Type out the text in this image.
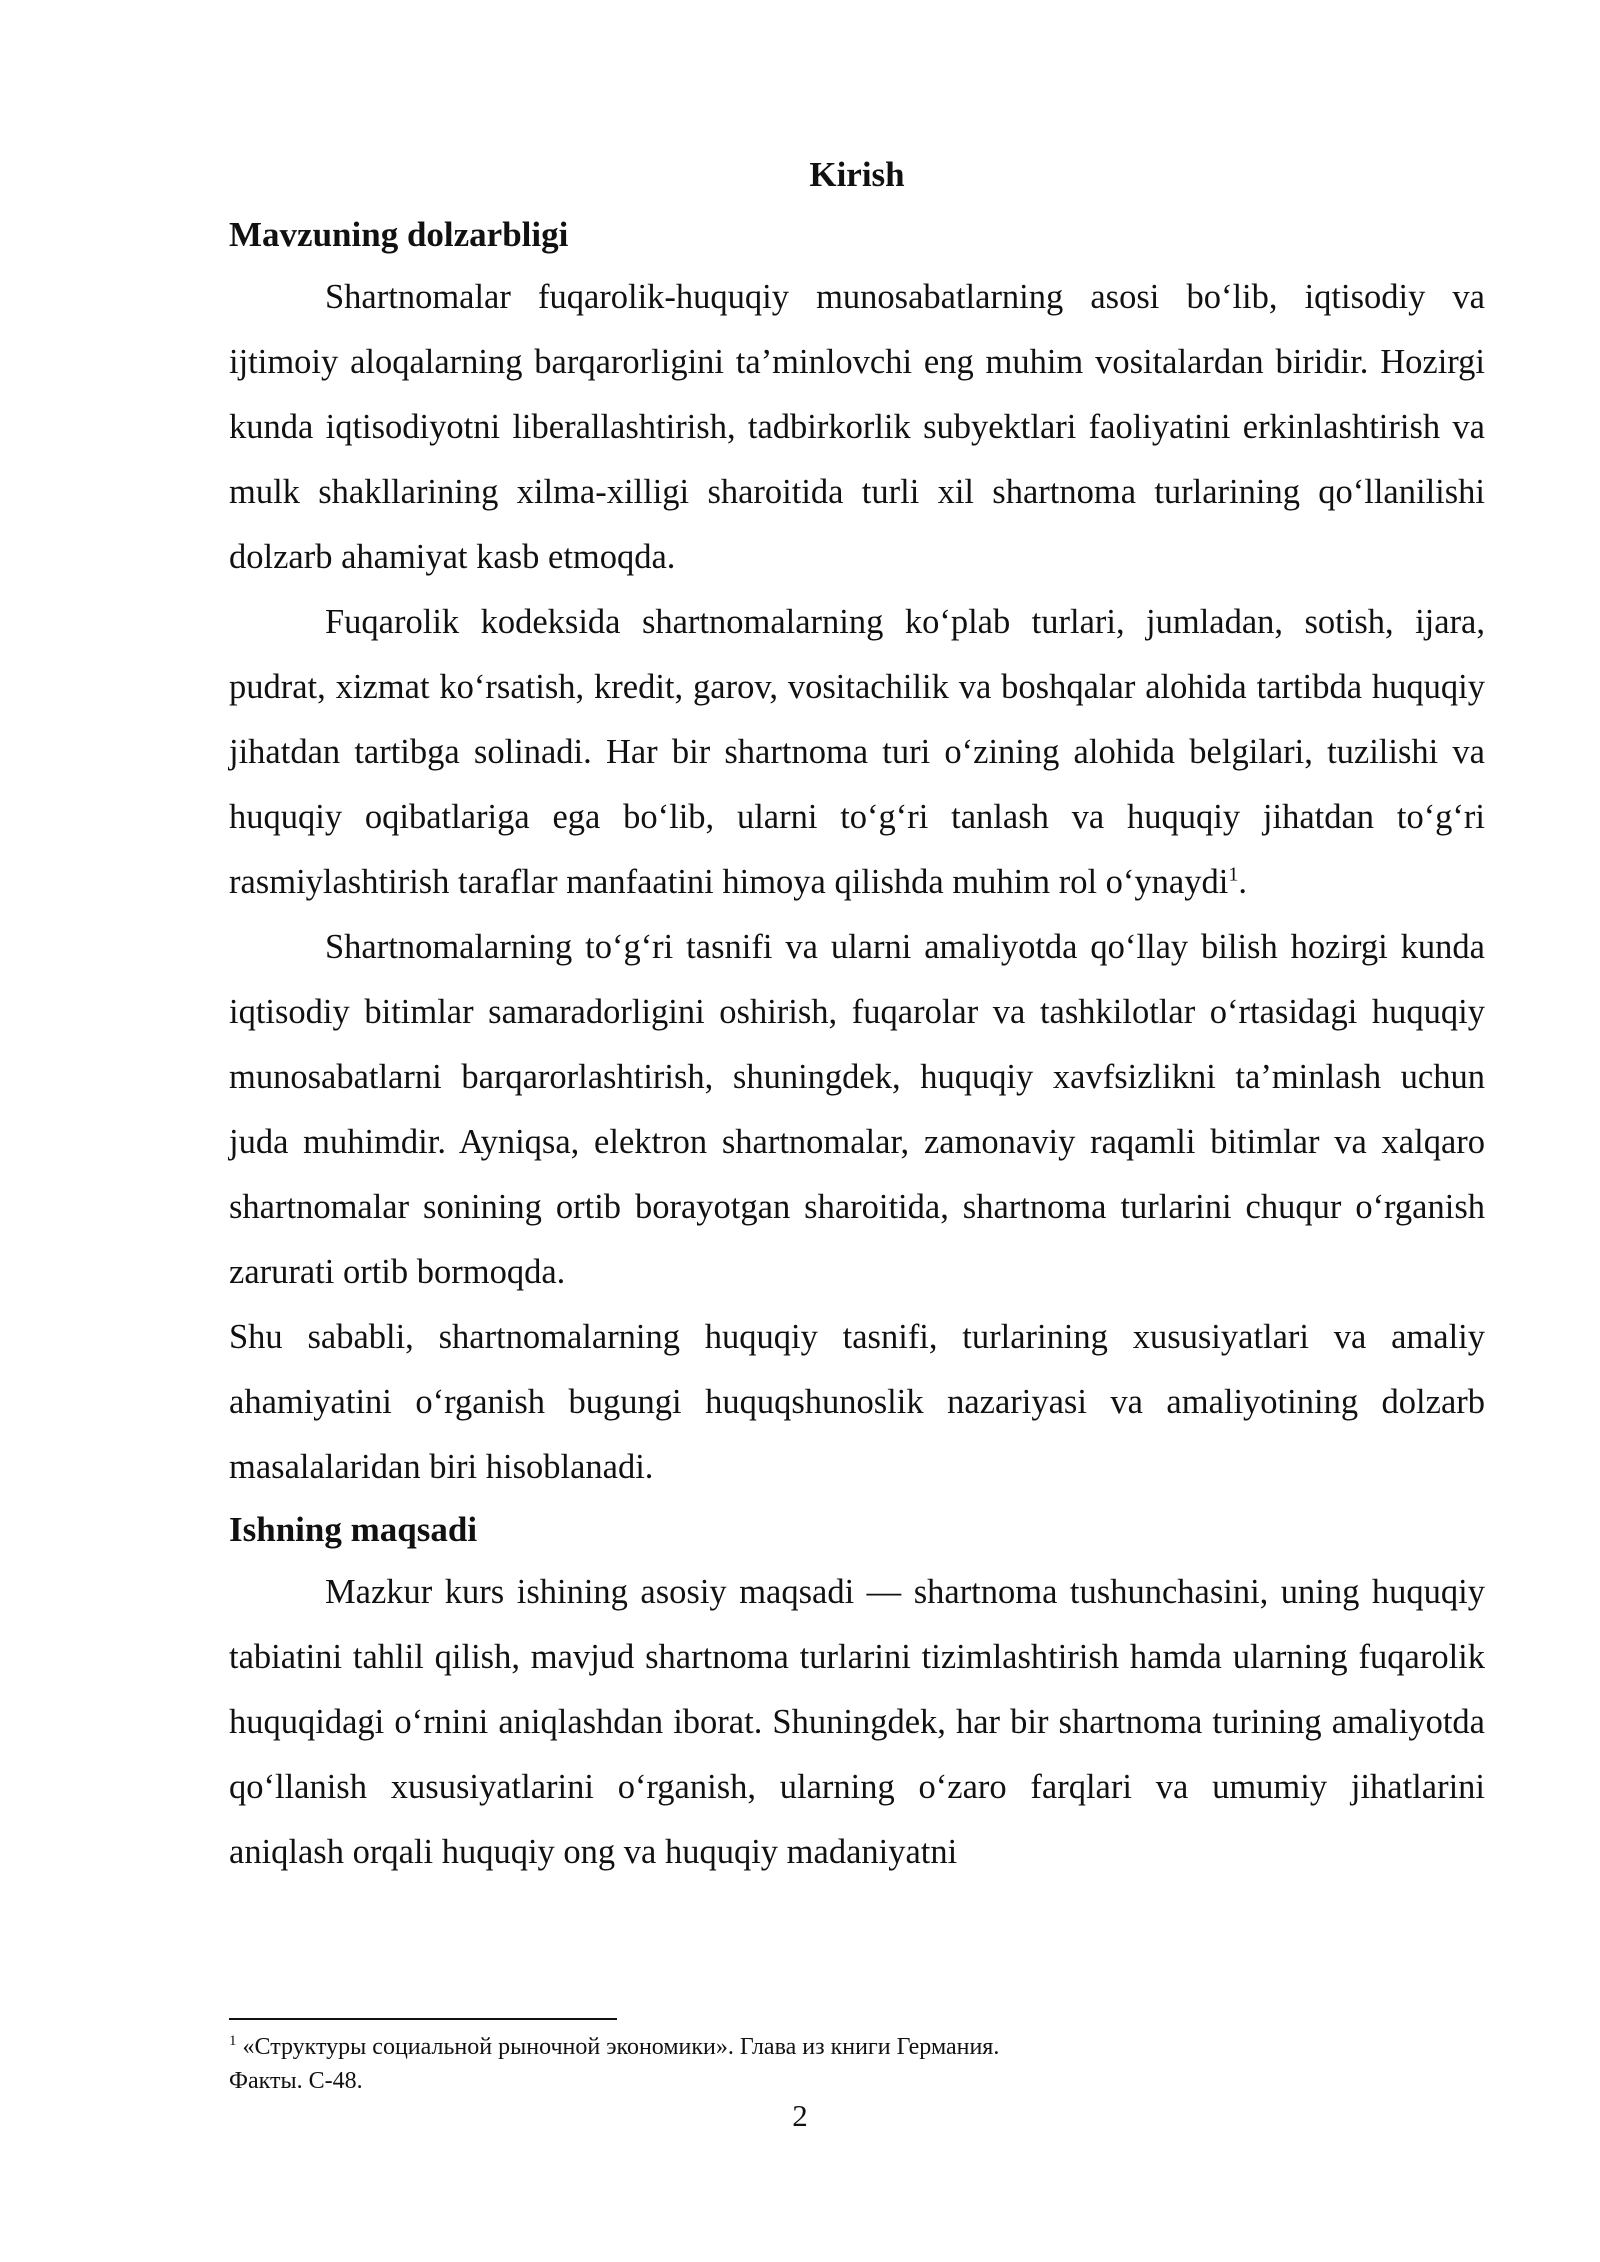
Kirish
Mavzuning dolzarbligi

Shartnomalar fuqarolik-huquqiy munosabatlarning asosi bo‘lib, iqtisodiy va ijtimoiy aloqalarning barqarorligini ta’minlovchi eng muhim vositalardan biridir. Hozirgi kunda iqtisodiyotni liberallashtirish, tadbirkorlik subyektlari faoliyatini erkinlashtirish va mulk shakllarining xilma-xilligi sharoitida turli xil shartnoma turlarining qo‘llanilishi dolzarb ahamiyat kasb etmoqda.

Fuqarolik kodeksida shartnomalarning ko‘plab turlari, jumladan, sotish, ijara, pudrat, xizmat ko‘rsatish, kredit, garov, vositachilik va boshqalar alohida tartibda huquqiy jihatdan tartibga solinadi. Har bir shartnoma turi o‘zining alohida belgilari, tuzilishi va huquqiy oqibatlariga ega bo‘lib, ularni to‘g‘ri tanlash va huquqiy jihatdan to‘g‘ri rasmiylashtirish taraflar manfaatini himoya qilishda muhim rol o‘ynaydi$^1$.

Shartnomalarning to‘g‘ri tasnifi va ularni amaliyotda qo‘llay bilish hozirgi kunda iqtisodiy bitimlar samaradorligini oshirish, fuqarolar va tashkilotlar o‘rtasidagi huquqiy munosabatlarni barqarorlashtirish, shuningdek, huquqiy xavfsizlikni ta’minlash uchun juda muhimdir. Ayniqsa, elektron shartnomalar, zamonaviy raqamli bitimlar va xalqaro shartnomalar sonining ortib borayotgan sharoitida, shartnoma turlarini chuqur o‘rganish zarurati ortib bormoqda.

Shu sababli, shartnomalarning huquqiy tasnifi, turlarining xususiyatlari va amaliy ahamiyatini o‘rganish bugungi huquqshunoslik nazariyasi va amaliyotining dolzarb masalalaridan biri hisoblanadi.

Ishning maqsadi

Mazkur kurs ishining asosiy maqsadi — shartnoma tushunchasini, uning huquqiy tabiatini tahlil qilish, mavjud shartnoma turlarini tizimlashtirish hamda ularning fuqarolik huquqidagi o‘rnini aniqlashdan iborat. Shuningdek, har bir shartnoma turining amaliyotda qo‘llanish xususiyatlarini o‘rganish, ularning o‘zaro farqlari va umumiy jihatlarini aniqlash orqali huquqiy ong va huquqiy madaniyatni

$^1$ «Структуры социальной рыночной экономики». Глава из книги Германия.
Факты. С-48.
2
